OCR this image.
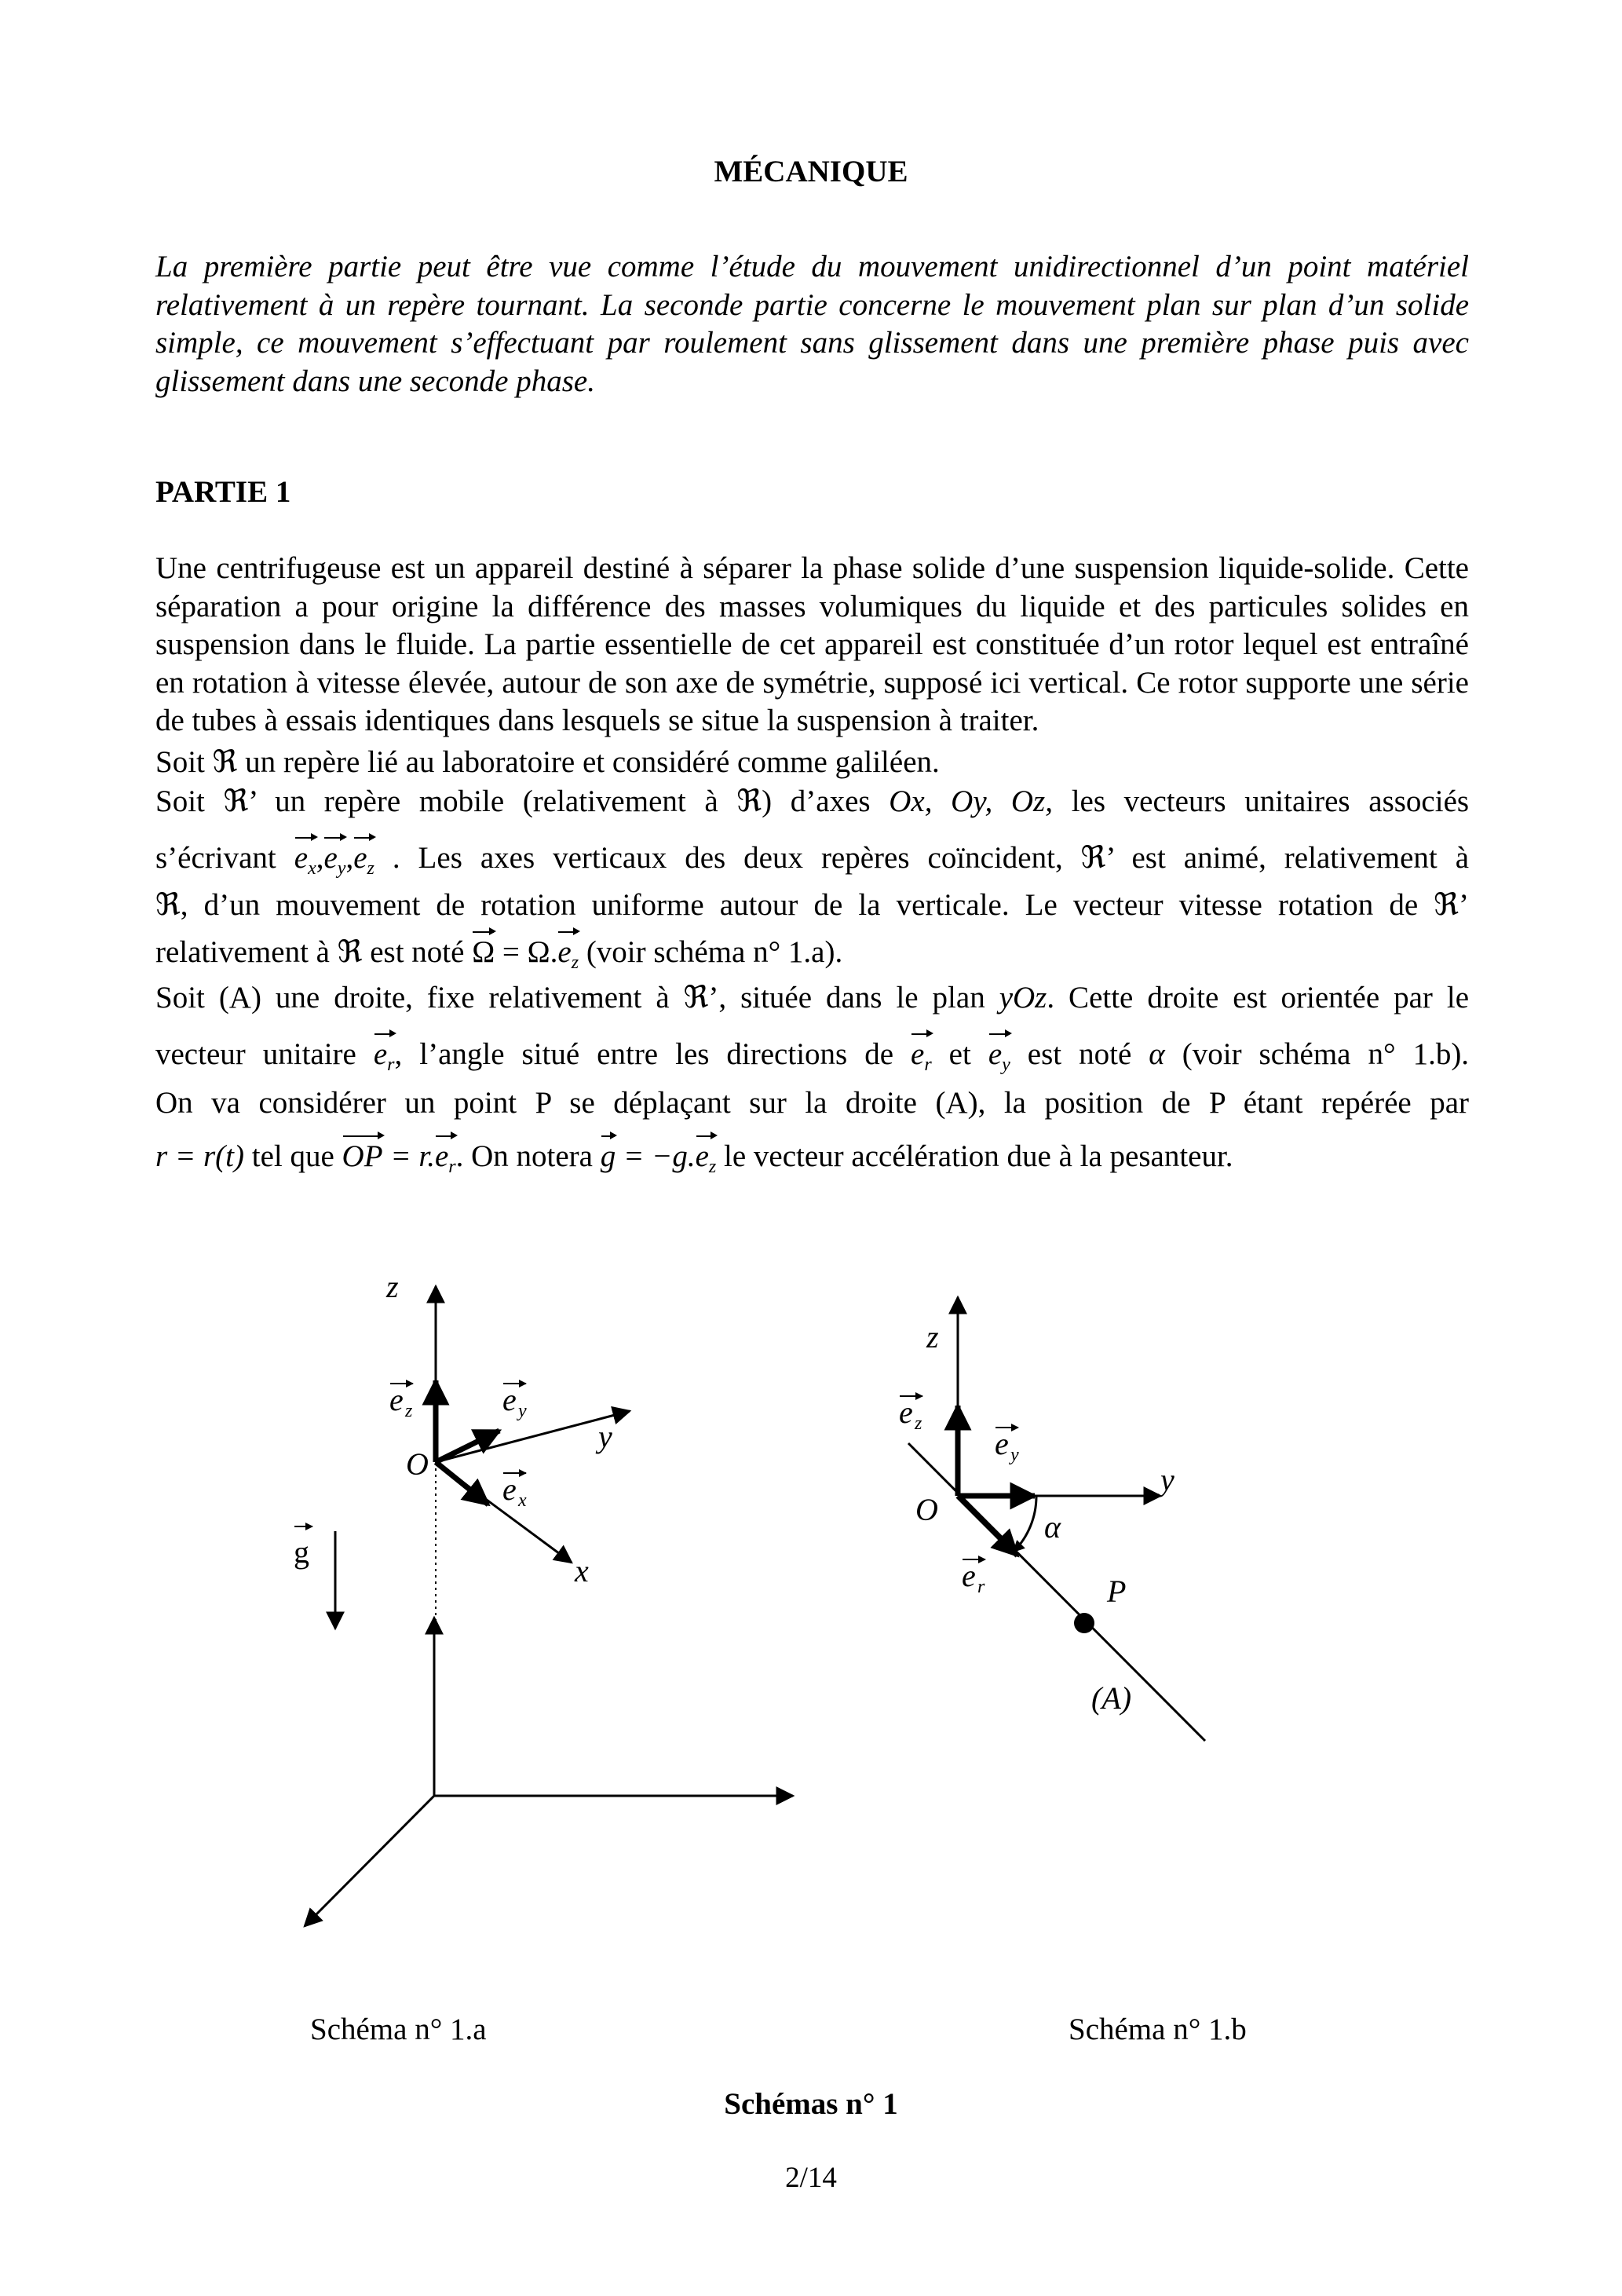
MÉCANIQUE

La première partie peut être vue comme l’étude du mouvement unidirectionnel d’un point matériel relativement à un repère tournant. La seconde partie concerne le mouvement plan sur plan d’un solide simple, ce mouvement s’effectuant par roulement sans glissement dans une première phase puis avec glissement dans une seconde phase.

PARTIE 1

Une centrifugeuse est un appareil destiné à séparer la phase solide d’une suspension liquide-solide. Cette séparation a pour origine la différence des masses volumiques du liquide et des particules solides en suspension dans le fluide. La partie essentielle de cet appareil est constituée d’un rotor lequel est entraîné en rotation à vitesse élevée, autour de son axe de symétrie, supposé ici vertical. Ce rotor supporte une série de tubes à essais identiques dans lesquels se situe la suspension à traiter.

Soit ℜ un repère lié au laboratoire et considéré comme galiléen.
Soit ℜ’ un repère mobile (relativement à ℜ) d’axes Ox, Oy, Oz, les vecteurs unitaires associés
s’écrivant $e_x,e_y,e_z$ . Les axes verticaux des deux repères coïncident, ℜ’ est animé, relativement à
ℜ, d’un mouvement de rotation uniforme autour de la verticale. Le vecteur vitesse rotation de ℜ’
relativement à ℜ est noté $\Omega = \Omega.e_z$ (voir schéma n° 1.a).
Soit (A) une droite, fixe relativement à ℜ’, située dans le plan yOz. Cette droite est orientée par le
vecteur unitaire $e_r$, l’angle situé entre les directions de $e_r$ et $e_y$ est noté α (voir schéma n° 1.b).
On va considérer un point P se déplaçant sur la droite (A), la position de P étant repérée par
r = r(t) tel que OP = $r.e_r$. On notera $g = -g.e_z$ le vecteur accélération due à la pesanteur.
z
y
x
O
e z	e y
e x
g
z
y
O	α
P
(A)
e z
e y
e r
Schéma n° 1.a	Schéma n° 1.b
Schémas n° 1
2/14
